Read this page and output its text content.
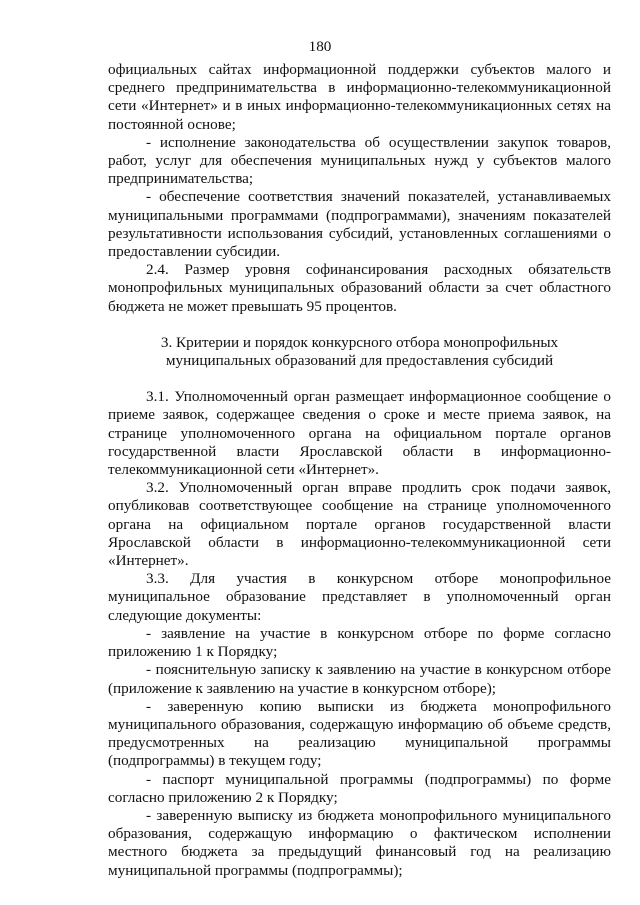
180

официальных сайтах информационной поддержки субъектов малого и среднего предпринимательства в информационно-телекоммуникационной сети «Интернет» и в иных информационно-телекоммуникационных сетях на постоянной основе;

- исполнение законодательства об осуществлении закупок товаров, работ, услуг для обеспечения муниципальных нужд у субъектов малого предпринимательства;

- обеспечение соответствия значений показателей, устанавливаемых муниципальными программами (подпрограммами), значениям показателей результативности использования субсидий, установленных соглашениями о предоставлении субсидии.

2.4. Размер уровня софинансирования расходных обязательств монопрофильных муниципальных образований области за счет областного бюджета не может превышать 95 процентов.

3. Критерии и порядок конкурсного отбора монопрофильных муниципальных образований для предоставления субсидий

3.1. Уполномоченный орган размещает информационное сообщение о приеме заявок, содержащее сведения о сроке и месте приема заявок, на странице уполномоченного органа на официальном портале органов государственной власти Ярославской области в информационно-телекоммуникационной сети «Интернет».

3.2. Уполномоченный орган вправе продлить срок подачи заявок, опубликовав соответствующее сообщение на странице уполномоченного органа на официальном портале органов государственной власти Ярославской области в информационно-телекоммуникационной сети «Интернет».

3.3. Для участия в конкурсном отборе монопрофильное муниципальное образование представляет в уполномоченный орган следующие документы:

- заявление на участие в конкурсном отборе по форме согласно приложению 1 к Порядку;

- пояснительную записку к заявлению на участие в конкурсном отборе (приложение к заявлению на участие в конкурсном отборе);

- заверенную копию выписки из бюджета монопрофильного муниципального образования, содержащую информацию об объеме средств, предусмотренных на реализацию муниципальной программы (подпрограммы) в текущем году;

- паспорт муниципальной программы (подпрограммы) по форме согласно приложению 2 к Порядку;

- заверенную выписку из бюджета монопрофильного муниципального образования, содержащую информацию о фактическом исполнении местного бюджета за предыдущий финансовый год на реализацию муниципальной программы (подпрограммы);
